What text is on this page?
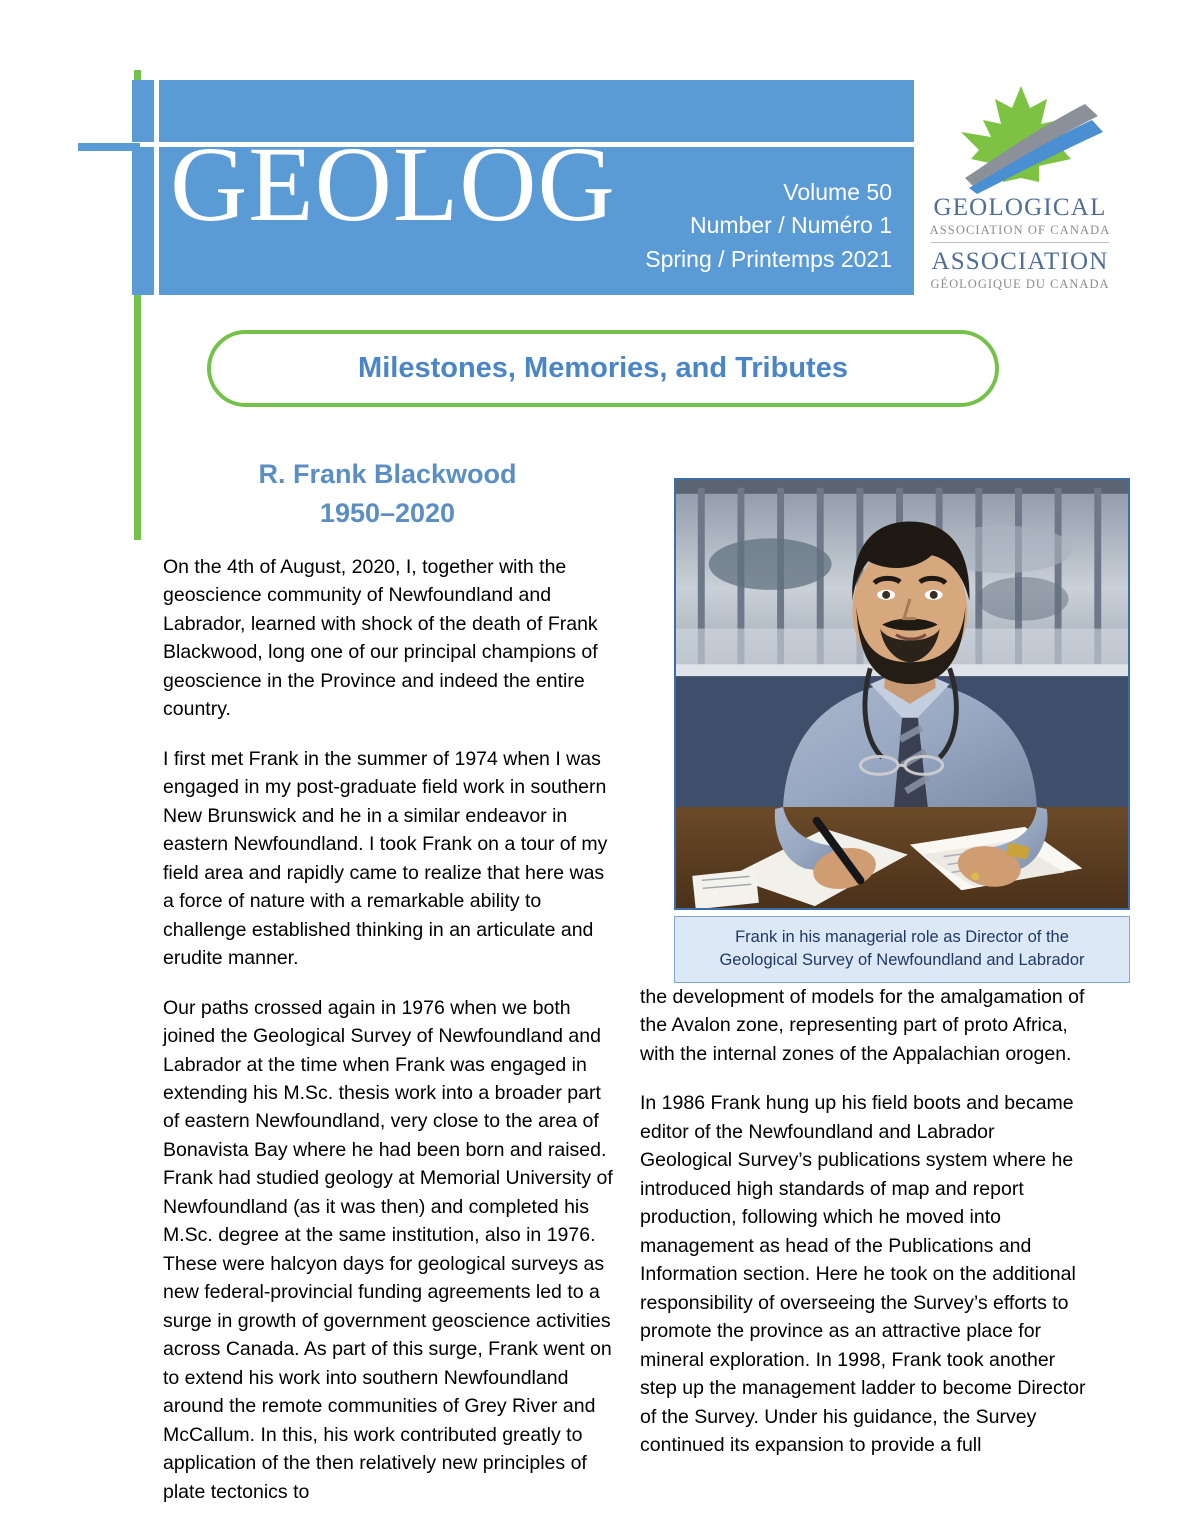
GEOLOG	Volume 50
Number / Numéro 1
Spring / Printemps 2021
GEOLOGICAL
ASSOCIATION OF CANADA
ASSOCIATION
GÉOLOGIQUE DU CANADA
Milestones, Memories, and Tributes
R. Frank Blackwood
1950–2020
Frank in his managerial role as Director of the Geological Survey of Newfoundland and Labrador

On the 4th of August, 2020, I, together with the geoscience community of Newfoundland and Labrador, learned with shock of the death of Frank Blackwood, long one of our principal champions of geoscience in the Province and indeed the entire country.

I first met Frank in the summer of 1974 when I was engaged in my post-graduate field work in southern New Brunswick and he in a similar endeavor in eastern Newfoundland. I took Frank on a tour of my field area and rapidly came to realize that here was a force of nature with a remarkable ability to challenge established thinking in an articulate and erudite manner.

Our paths crossed again in 1976 when we both joined the Geological Survey of Newfoundland and Labrador at the time when Frank was engaged in extending his M.Sc. thesis work into a broader part of eastern Newfoundland, very close to the area of Bonavista Bay where he had been born and raised. Frank had studied geology at Memorial University of Newfoundland (as it was then) and completed his M.Sc. degree at the same institution, also in 1976. These were halcyon days for geological surveys as new federal-provincial funding agreements led to a surge in growth of government geoscience activities across Canada. As part of this surge, Frank went on to extend his work into southern Newfoundland around the remote communities of Grey River and McCallum. In this, his work contributed greatly to application of the then relatively new principles of plate tectonics to

the development of models for the amalgamation of the Avalon zone, representing part of proto Africa, with the internal zones of the Appalachian orogen.

In 1986 Frank hung up his field boots and became editor of the Newfoundland and Labrador Geological Survey’s publications system where he introduced high standards of map and report production, following which he moved into management as head of the Publications and Information section. Here he took on the additional responsibility of overseeing the Survey’s efforts to promote the province as an attractive place for mineral exploration. In 1998, Frank took another step up the management ladder to become Director of the Survey. Under his guidance, the Survey continued its expansion to provide a full
